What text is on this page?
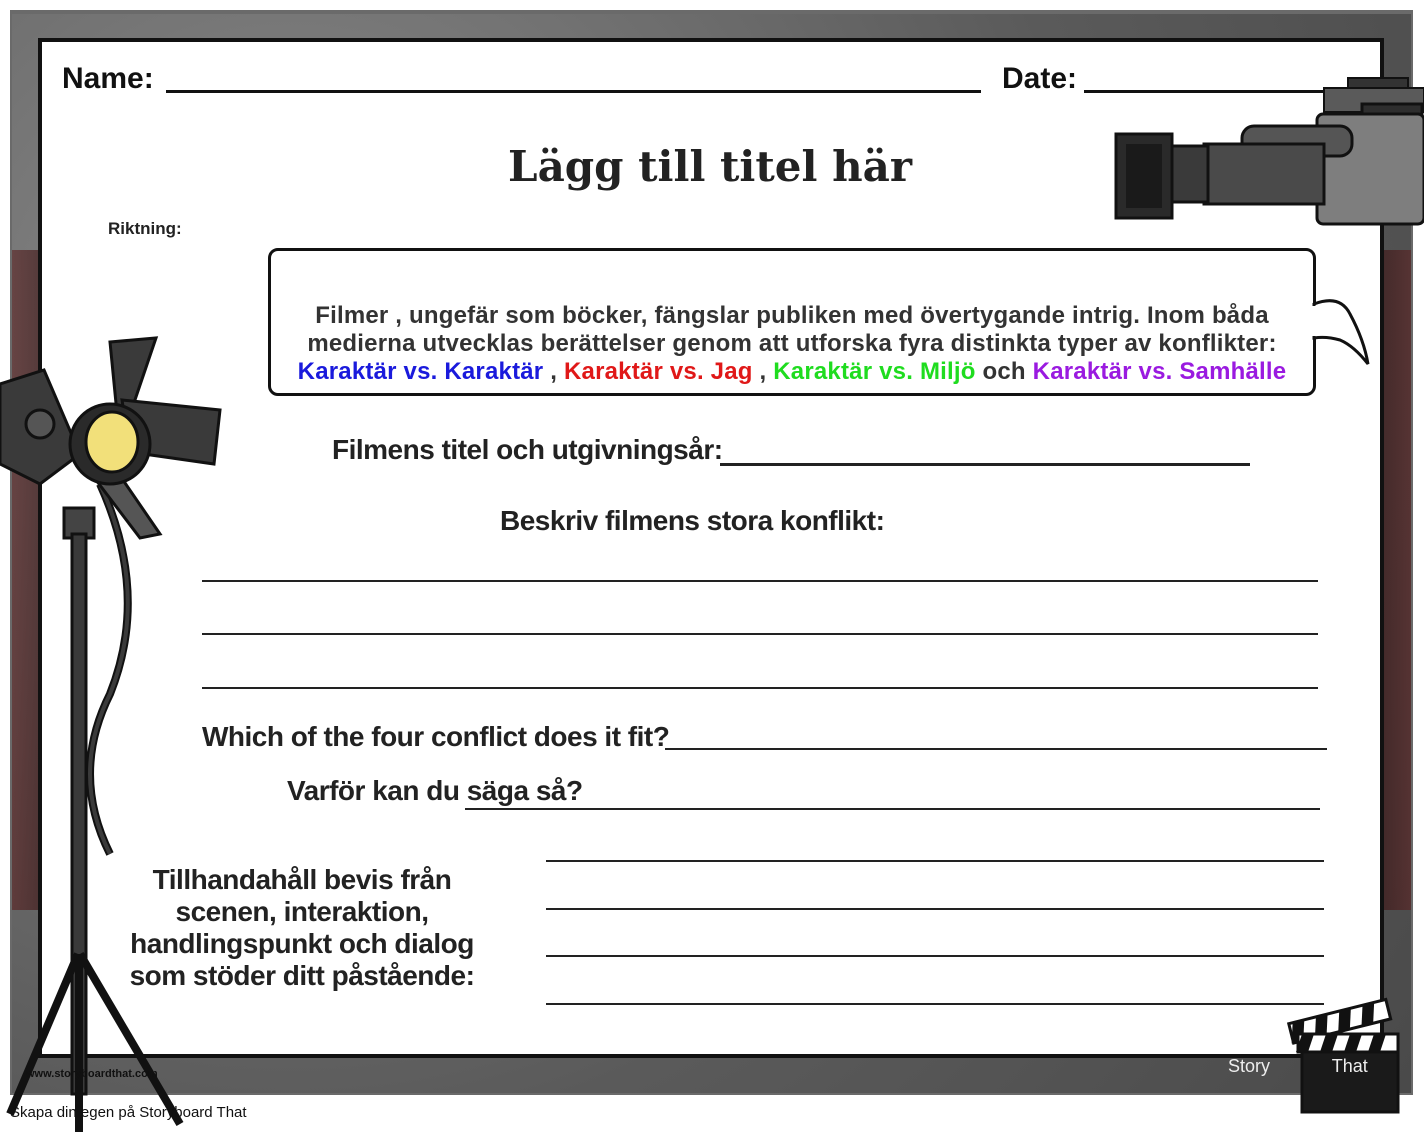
Name:	Date:
Lägg till titel här
Riktning:
Filmer , ungefär som böcker, fängslar publiken med övertygande intrig. Inom båda medierna utvecklas berättelser genom att utforska fyra distinkta typer av konflikter:
Karaktär vs. Karaktär , Karaktär vs. Jag , Karaktär vs. Miljö och Karaktär vs. Samhälle
Filmens titel och utgivningsår:
Beskriv filmens stora konflikt:
Which of the four conflict does it fit?
Varför kan du säga så?
Tillhandahåll bevis från scenen, interaktion, handlingspunkt och dialog som stöder ditt påstående:
www.storyboardthat.com
Skapa din egen på Storyboard That
Story	That
